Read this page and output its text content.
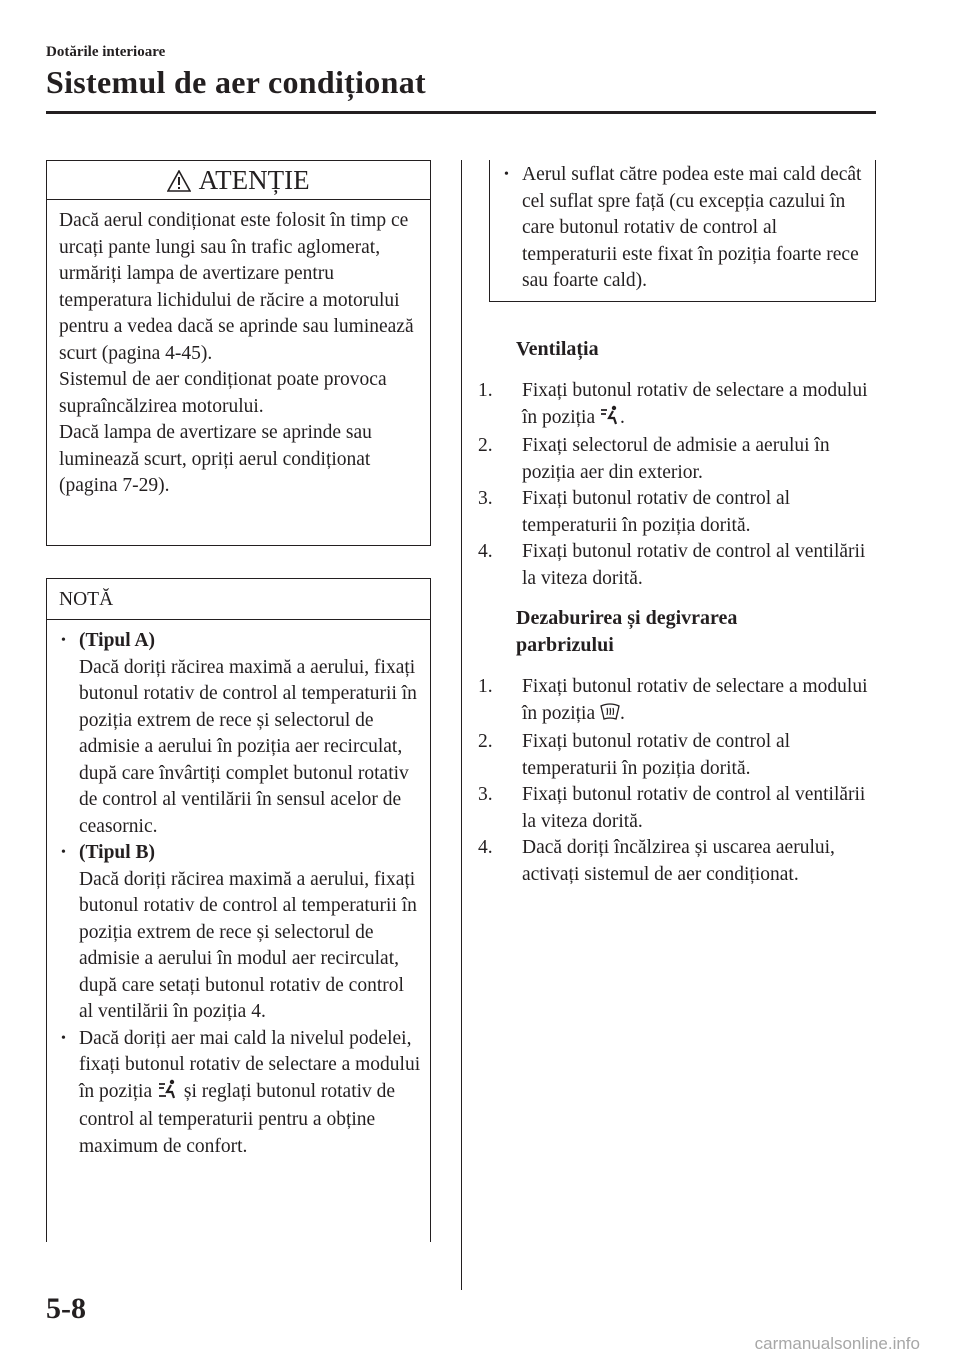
Dotările interioare
Sistemul de aer condiționat
ATENȚIE
Dacă aerul condiționat este folosit în timp ce urcați pante lungi sau în trafic aglomerat, urmăriți lampa de avertizare pentru temperatura lichidului de răcire a motorului pentru a vedea dacă se aprinde sau luminează scurt (pagina 4-45).
Sistemul de aer condiționat poate provoca supraîncălzirea motorului.
Dacă lampa de avertizare se aprinde sau luminează scurt, opriți aerul condiționat (pagina 7-29).
NOTĂ
• (Tipul A)
Dacă doriți răcirea maximă a aerului, fixați butonul rotativ de control al temperaturii în poziția extrem de rece și selectorul de admisie a aerului în poziția aer recirculat, după care învârtiți complet butonul rotativ de control al ventilării în sensul acelor de ceasornic.
• (Tipul B)
Dacă doriți răcirea maximă a aerului, fixați butonul rotativ de control al temperaturii în poziția extrem de rece și selectorul de admisie a aerului în modul aer recirculat, după care setați butonul rotativ de control al ventilării în poziția 4.
• Dacă doriți aer mai cald la nivelul podelei, fixați butonul rotativ de selectare a modului în poziția și reglați butonul rotativ de control al temperaturii pentru a obține maximum de confort.
• Aerul suflat către podea este mai cald decât cel suflat spre față (cu excepția cazului în care butonul rotativ de control al temperaturii este fixat în poziția foarte rece sau foarte cald).
Ventilația
1. Fixați butonul rotativ de selectare a modului în poziția .
2. Fixați selectorul de admisie a aerului în poziția aer din exterior.
3. Fixați butonul rotativ de control al temperaturii în poziția dorită.
4. Fixați butonul rotativ de control al ventilării la viteza dorită.
Dezaburirea și degivrarea
parbrizului
1. Fixați butonul rotativ de selectare a modului în poziția .
2. Fixați butonul rotativ de control al temperaturii în poziția dorită.
3. Fixați butonul rotativ de control al ventilării la viteza dorită.
4. Dacă doriți încălzirea și uscarea aerului, activați sistemul de aer condiționat.
5-8
carmanualsonline.info
